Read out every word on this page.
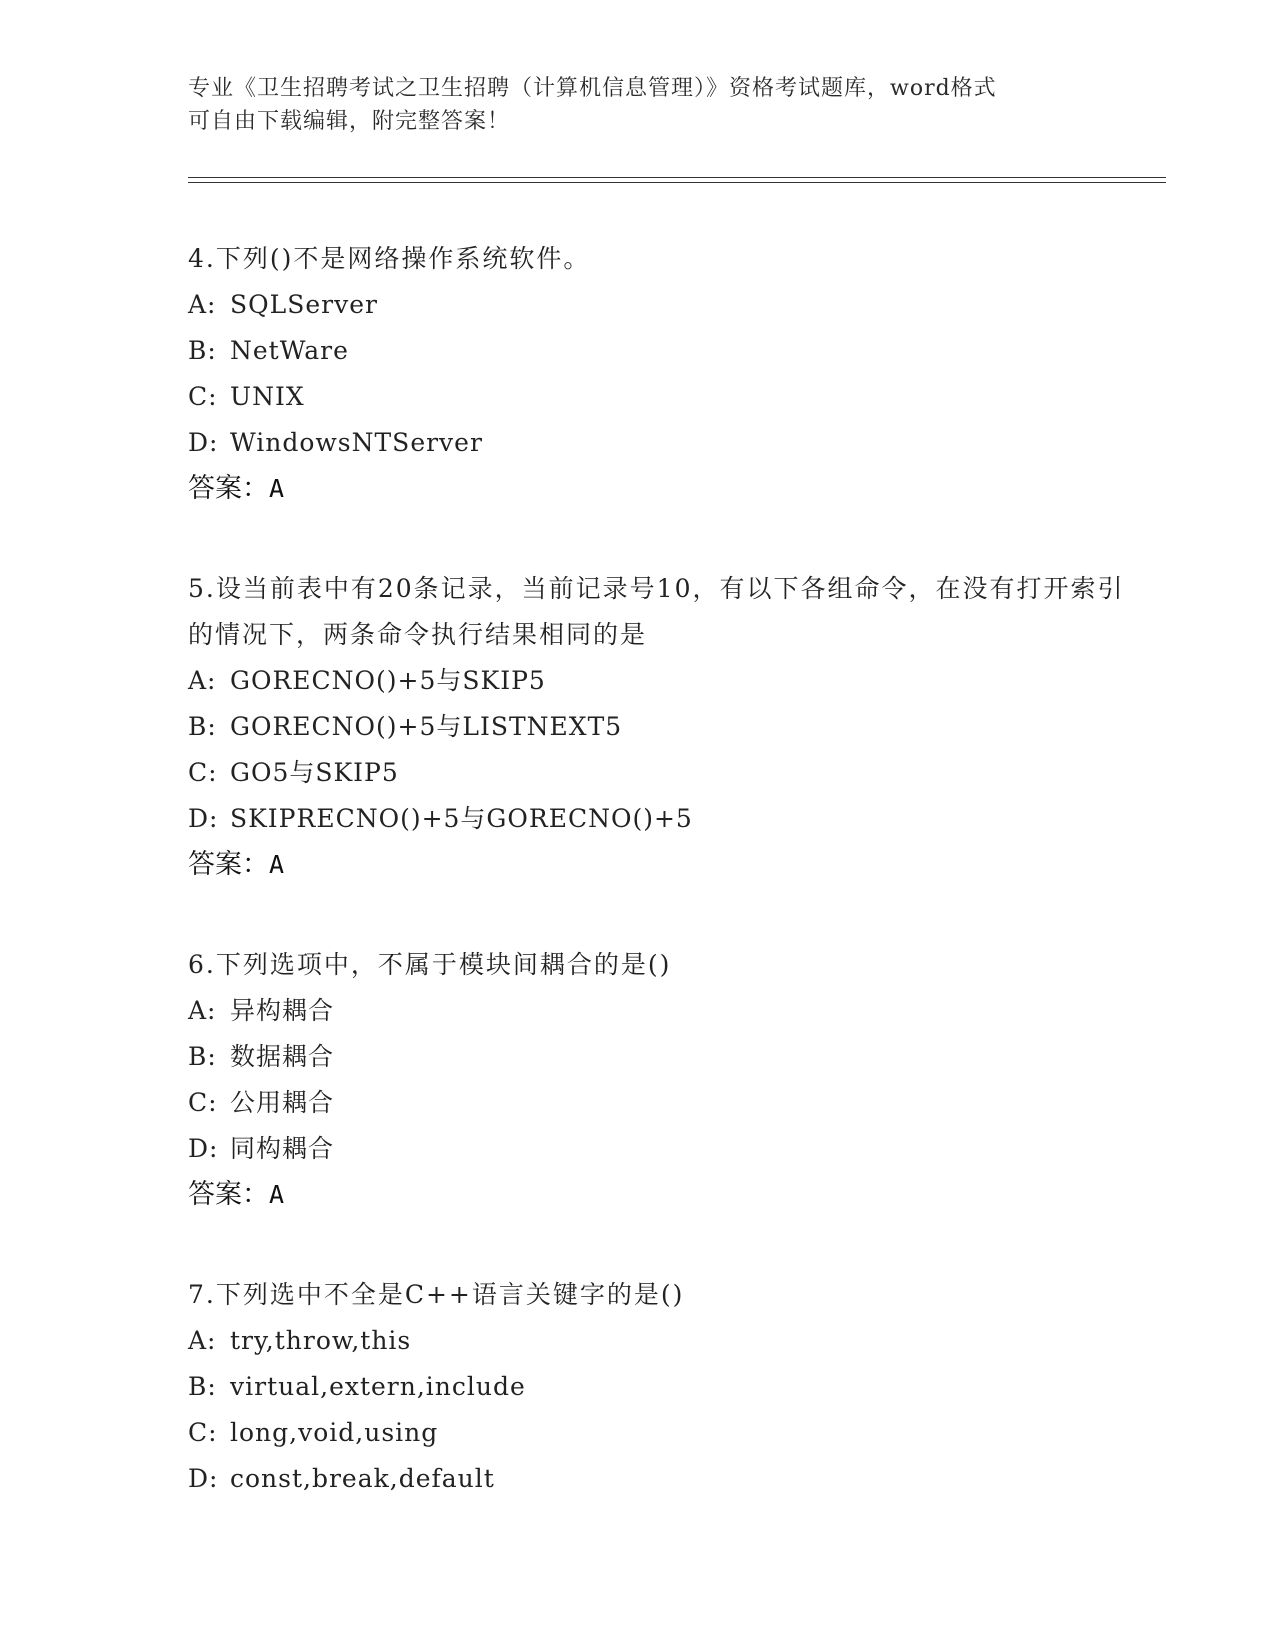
专业《卫生招聘考试之卫生招聘（计算机信息管理）》资格考试题库，word格式
可自由下载编辑，附完整答案！
4.下列()不是网络操作系统软件。
A: SQLServer
B: NetWare
C: UNIX
D: WindowsNTServer
答案：A
5.设当前表中有20条记录，当前记录号10，有以下各组命令，在没有打开索引的情况下，两条命令执行结果相同的是
A: GORECNO()+5与SKIP5
B: GORECNO()+5与LISTNEXT5
C: GO5与SKIP5
D: SKIPRECNO()+5与GORECNO()+5
答案：A
6.下列选项中，不属于模块间耦合的是()
A: 异构耦合
B: 数据耦合
C: 公用耦合
D: 同构耦合
答案：A
7.下列选中不全是C++语言关键字的是()
A: try,throw,this
B: virtual,extern,include
C: long,void,using
D: const,break,default
